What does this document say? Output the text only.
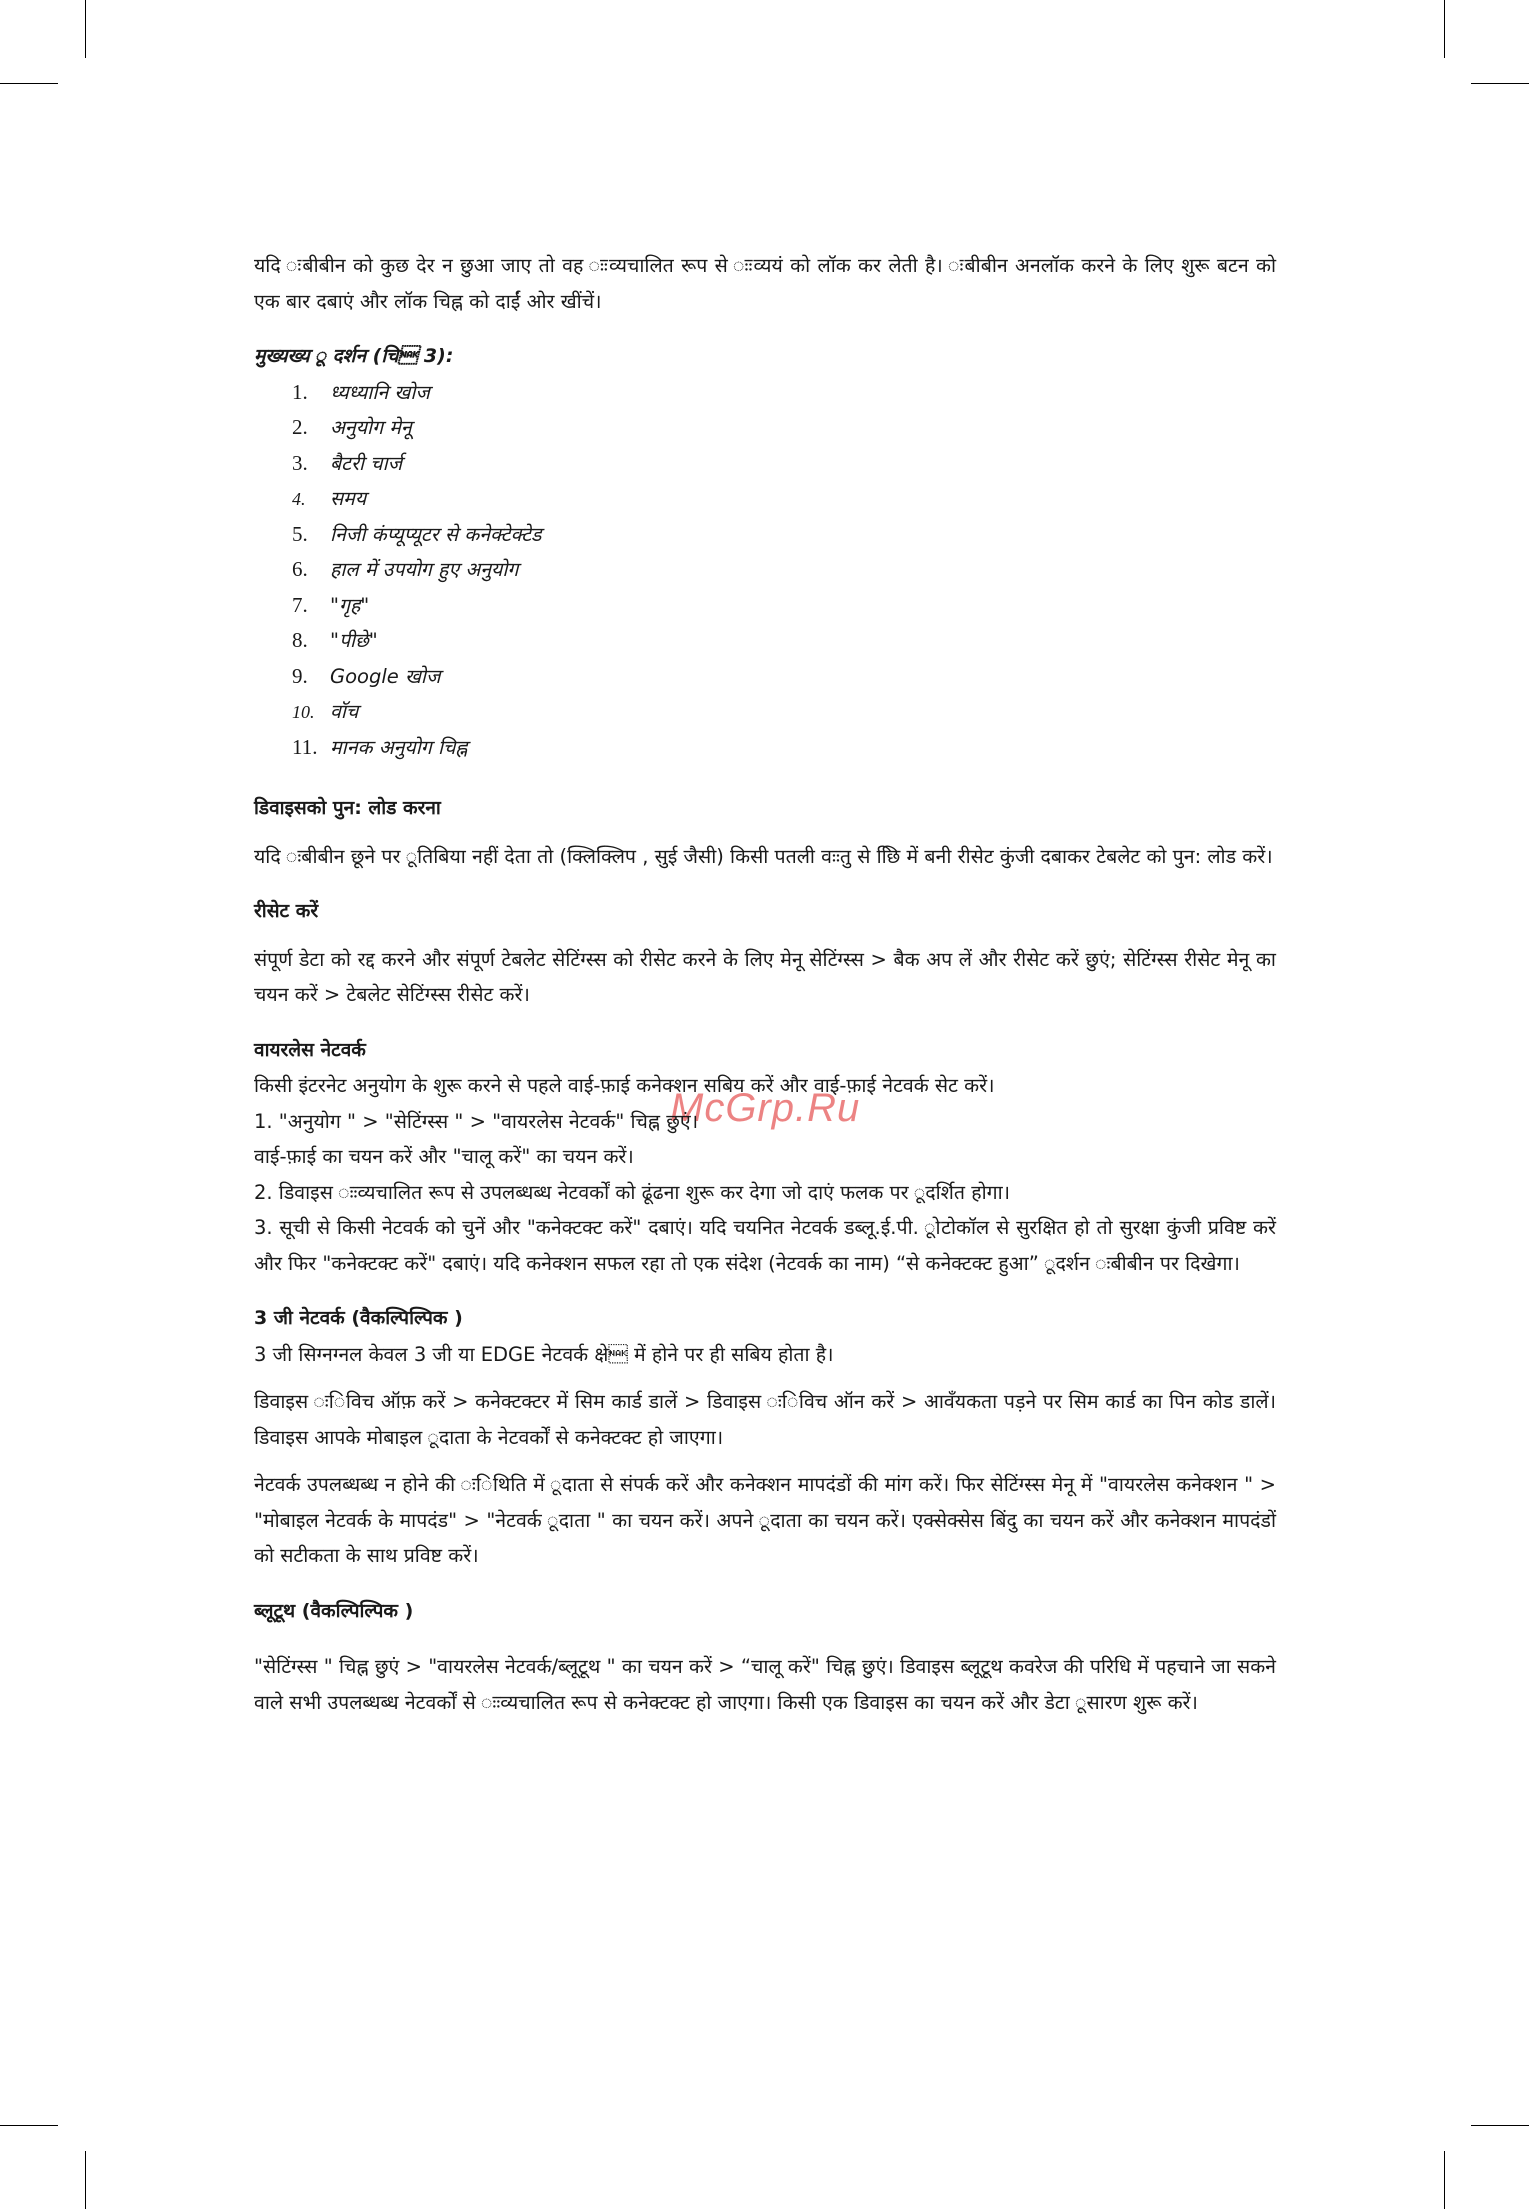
McGrp.Ru

यदि ःबीबीन को कुछ देर न छुआ जाए तो वह ःःव्यचालित रूप से ःःव्ययं को लॉक कर लेती है। ःबीबीन अनलॉक करने के लिए शुरू बटन को एक बार दबाएं और लॉक चिह्न को दाईं ओर खींचें।

मुख्यख्य ू दर्शन (चि 3):

1. ध्यध्यानि खोज
2. अनुयोग मेनू
3. बैटरी चार्ज
4. समय
5. निजी कंप्यूप्यूटर से कनेक्टेक्टेड
6. हाल में उपयोग हुए अनुयोग
7. "गृह"
8. "पीछे"
9. Google खोज
10. वॉच
11. मानक अनुयोग चिह्न

डिवाइसको पुन: लोड करना

यदि ःबीबीन छूने पर ूतिबिया नहीं देता तो (क्लिक्लिप , सुई जैसी) किसी पतली वःःतु से छिि में बनी रीसेट कुंजी दबाकर टेबलेट को पुन: लोड करें।

रीसेट करें

संपूर्ण डेटा को रद्द करने और संपूर्ण टेबलेट सेटिंग्स्स को रीसेट करने के लिए मेनू सेटिंग्स्स > बैक अप लें और रीसेट करें छुएं; सेटिंग्स्स रीसेट मेनू का चयन करें > टेबलेट सेटिंग्स्स रीसेट करें।

वायरलेस नेटवर्क

किसी इंटरनेट अनुयोग के शुरू करने से पहले वाई-फ़ाई कनेक्शन सबिय करें और वाई-फ़ाई नेटवर्क सेट करें।

1. "अनुयोग " > "सेटिंग्स्स " > "वायरलेस नेटवर्क" चिह्न छुएं।

वाई-फ़ाई का चयन करें और "चालू करें" का चयन करें।

2. डिवाइस ःःव्यचालित रूप से उपलब्धब्ध नेटवर्कों को ढूंढना शुरू कर देगा जो दाएं फलक पर ूदर्शित होगा।

3. सूची से किसी नेटवर्क को चुनें और "कनेक्टक्ट करें" दबाएं। यदि चयनित नेटवर्क डब्लू.ई.पी. ूोटोकॉल से सुरक्षित हो तो सुरक्षा कुंजी प्रविष्ट करें और फिर "कनेक्टक्ट करें" दबाएं। यदि कनेक्शन सफल रहा तो एक संदेश (नेटवर्क का नाम) “से कनेक्टक्ट हुआ” ूदर्शन ःबीबीन पर दिखेगा।

3 जी नेटवर्क (वैकल्पिल्पिक )

3 जी सिग्नग्नल केवल 3 जी या EDGE नेटवर्क क्षे में होने पर ही सबिय होता है।

डिवाइस ःिविच ऑफ़ करें > कनेक्टक्टर में सिम कार्ड डालें > डिवाइस ःिविच ऑन करें > आवँयकता पड़ने पर सिम कार्ड का पिन कोड डालें। डिवाइस आपके मोबाइल ूदाता के नेटवर्कों से कनेक्टक्ट हो जाएगा।

नेटवर्क उपलब्धब्ध न होने की ःिथिति में ूदाता से संपर्क करें और कनेक्शन मापदंडों की मांग करें। फिर सेटिंग्स्स मेनू में "वायरलेस कनेक्शन " > "मोबाइल नेटवर्क के मापदंड" > "नेटवर्क ूदाता " का चयन करें। अपने ूदाता का चयन करें। एक्सेक्सेस बिंदु का चयन करें और कनेक्शन मापदंडों को सटीकता के साथ प्रविष्ट करें।

ब्लूटूथ (वैकल्पिल्पिक )

"सेटिंग्स्स " चिह्न छुएं > "वायरलेस नेटवर्क/ब्लूटूथ " का चयन करें > “चालू करें" चिह्न छुएं। डिवाइस ब्लूटूथ कवरेज की परिधि में पहचाने जा सकने वाले सभी उपलब्धब्ध नेटवर्कों से ःःव्यचालित रूप से कनेक्टक्ट हो जाएगा। किसी एक डिवाइस का चयन करें और डेटा ूसारण शुरू करें।
